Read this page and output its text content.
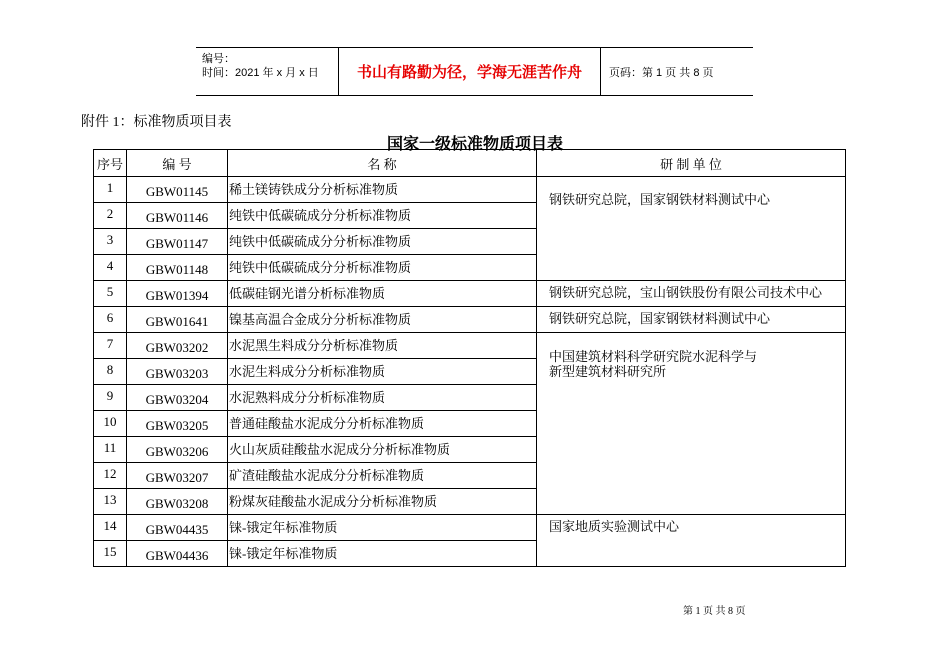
编号：
时间：2021 年 x 月 x 日	书山有路勤为径，学海无涯苦作舟	页码：第 1 页 共 8 页
附件 1：标准物质项目表
国家一级标准物质项目表
序号	编 号	名 称	研 制 单 位
1	GBW01145	稀土镁铸铁成分分析标准物质	钢铁研究总院，国家钢铁材料测试中心
2	GBW01146	纯铁中低碳硫成分分析标准物质	
3	GBW01147	纯铁中低碳硫成分分析标准物质	
4	GBW01148	纯铁中低碳硫成分分析标准物质	
5	GBW01394	低碳硅钢光谱分析标准物质	钢铁研究总院，宝山钢铁股份有限公司技术中心
6	GBW01641	镍基高温合金成分分析标准物质	钢铁研究总院，国家钢铁材料测试中心
7	GBW03202	水泥黑生料成分分析标准物质	中国建筑材料科学研究院水泥科学与
新型建筑材料研究所

8	GBW03203	水泥生料成分分析标准物质	
9	GBW03204	水泥熟料成分分析标准物质	
10	GBW03205	普通硅酸盐水泥成分分析标准物质	
11	GBW03206	火山灰质硅酸盐水泥成分分析标准物质	
12	GBW03207	矿渣硅酸盐水泥成分分析标准物质	
13	GBW03208	粉煤灰硅酸盐水泥成分分析标准物质	
14	GBW04435	铼-锇定年标准物质	国家地质实验测试中心
15	GBW04436	铼-锇定年标准物质	
第 1 页 共 8 页
